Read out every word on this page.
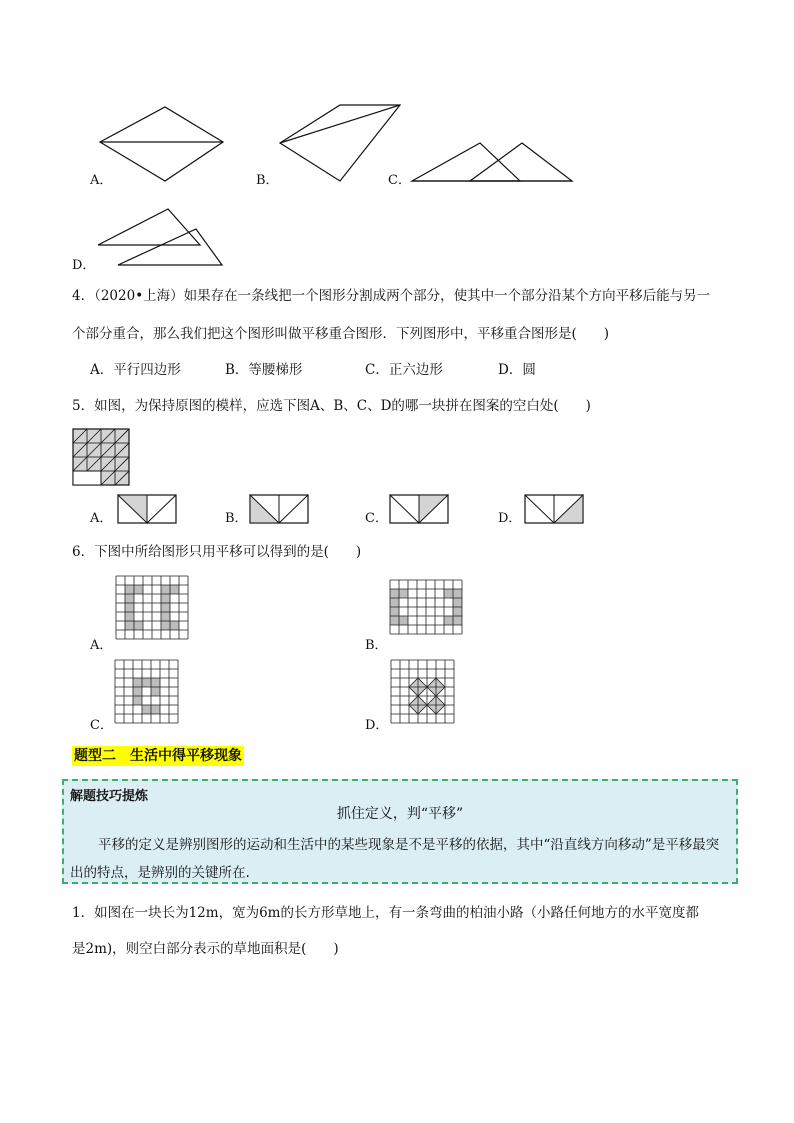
A．	B．	C．
D．
4．（2020•上海）如果存在一条线把一个图形分割成两个部分，使其中一个部分沿某个方向平移后能与另一
个部分重合，那么我们把这个图形叫做平移重合图形．下列图形中，平移重合图形是(　　)
A．平行四边形	B．等腰梯形	C．正六边形	D．圆
5．如图，为保持原图的模样，应选下图A、B、C、D的哪一块拼在图案的空白处(　　)
A．	B．	C．	D．
6．下图中所给图形只用平移可以得到的是(　　)
A．	B．
C．	D．
题型二　生活中得平移现象
解题技巧提炼
抓住定义，判“平移”
平移的定义是辨别图形的运动和生活中的某些现象是不是平移的依据，其中“沿直线方向移动”是平移最突出的特点，是辨别的关键所在.
1．如图在一块长为12m，宽为6m的长方形草地上，有一条弯曲的柏油小路（小路任何地方的水平宽度都
是2m)，则空白部分表示的草地面积是(　　)
